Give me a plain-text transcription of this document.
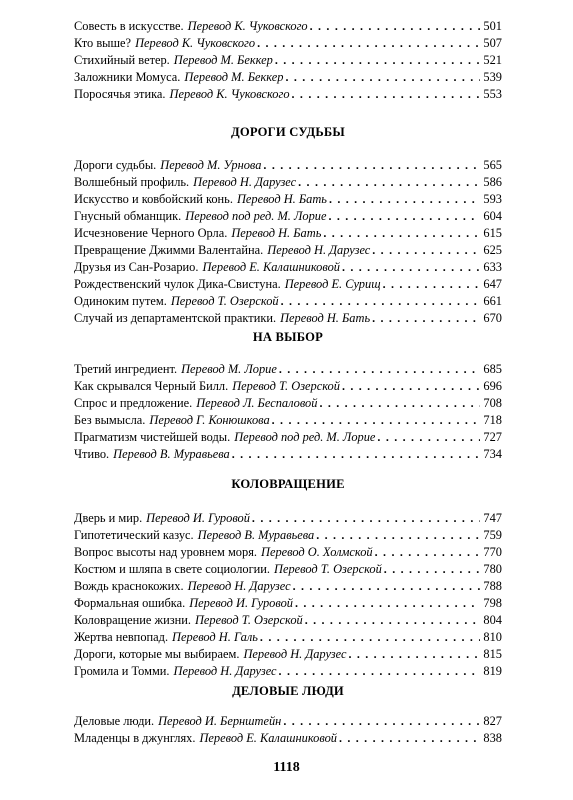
Совесть в искусстве. Перевод К. Чуковского . . .	501
Кто выше? Перевод К. Чуковского . . .	507
Стихийный ветер. Перевод М. Беккер . . .	521
Заложники Момуса. Перевод М. Беккер . . .	539
Поросячья этика. Перевод К. Чуковского . . .	553
ДОРОГИ СУДЬБЫ
Дороги судьбы. Перевод М. Урнова . . .	565
Волшебный профиль. Перевод Н. Дарузес . . .	586
Искусство и ковбойский конь. Перевод Н. Бать . . .	593
Гнусный обманщик. Перевод под ред. М. Лорие . . .	604
Исчезновение Черного Орла. Перевод Н. Бать . . .	615
Превращение Джимми Валентайна. Перевод Н. Дарузес . . .	625
Друзья из Сан-Розарио. Перевод Е. Калашниковой . . .	633
Рождественский чулок Дика-Свистуна. Перевод Е. Сурищ . . .	647
Одиноким путем. Перевод Т. Озерской . . .	661
Случай из департаментской практики. Перевод Н. Бать . . .	670
НА ВЫБОР
Третий ингредиент. Перевод М. Лорие . . .	685
Как скрывался Черный Билл. Перевод Т. Озерской . . .	696
Спрос и предложение. Перевод Л. Беспаловой . . .	708
Без вымысла. Перевод Г. Конюшкова . . .	718
Прагматизм чистейшей воды. Перевод под ред. М. Лорие . . .	727
Чтиво. Перевод В. Муравьева . . .	734
КОЛОВРАЩЕНИЕ
Дверь и мир. Перевод И. Гуровой . . .	747
Гипотетический казус. Перевод В. Муравьева . . .	759
Вопрос высоты над уровнем моря. Перевод О. Холмской . . .	770
Костюм и шляпа в свете социологии. Перевод Т. Озерской . . .	780
Вождь краснокожих. Перевод Н. Дарузес . . .	788
Формальная ошибка. Перевод И. Гуровой . . .	798
Коловращение жизни. Перевод Т. Озерской . . .	804
Жертва невпопад. Перевод Н. Галь . . .	810
Дороги, которые мы выбираем. Перевод Н. Дарузес . . .	815
Громила и Томми. Перевод Н. Дарузес . . .	819
ДЕЛОВЫЕ ЛЮДИ
Деловые люди. Перевод И. Бернштейн . . .	827
Младенцы в джунглях. Перевод Е. Калашниковой . . .	838
1118
